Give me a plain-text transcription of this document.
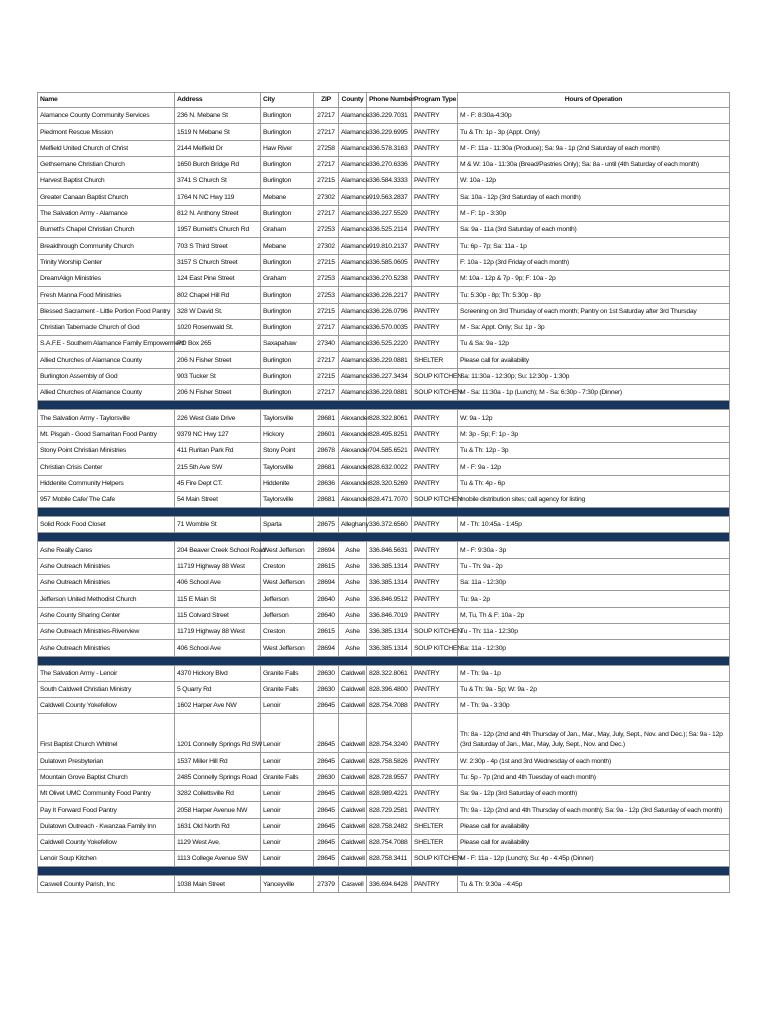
Name	Address	City	ZIP	County	Phone Number	Program Type	Hours of Operation
Alamance County Community Services	236 N. Mebane St	Burlington	27217	Alamance	336.229.7031	PANTRY	M - F: 8:30a-4:30p
Piedmont Rescue Mission	1519 N Mebane St	Burlington	27217	Alamance	336.229.6995	PANTRY	Tu & Th: 1p - 3p (Appt. Only)
Melfield United Church of Christ	2144 Melfield Dr	Haw River	27258	Alamance	336.578.3163	PANTRY	M - F: 11a - 11:30a (Produce); Sa: 9a - 1p (2nd Saturday of each month)
Gethsemane Christian Church	1650 Burch Bridge Rd	Burlington	27217	Alamance	336.270.6336	PANTRY	M & W: 10a - 11:30a (Bread/Pastries Only); Sa: 8a - until (4th Saturday of each month)
Harvest Baptist Church	3741 S Church St	Burlington	27215	Alamance	336.584.3333	PANTRY	W: 10a - 12p
Greater Canaan Baptist Church	1764 N NC Hwy 119	Mebane	27302	Alamance	919.563.2837	PANTRY	Sa: 10a - 12p (3rd Saturday of each month)
The Salvation Army - Alamance	812 N. Anthony Street	Burlington	27217	Alamance	336.227.5529	PANTRY	M - F: 1p - 3:30p
Burnett's Chapel Christian Church	1957 Burnett's Church Rd	Graham	27253	Alamance	336.525.2114	PANTRY	Sa: 9a - 11a (3rd Saturday of each month)
Breakthrough Community Church	703 S Third Street	Mebane	27302	Alamance	919.810.2137	PANTRY	Tu: 6p - 7p; Sa: 11a - 1p
Trinity Worship Center	3157 S Church Street	Burlington	27215	Alamance	336.585.0605	PANTRY	F: 10a - 12p (3rd Friday of each month)
DreamAlign Ministries	124 East Pine Street	Graham	27253	Alamance	336.270.5238	PANTRY	M: 10a - 12p & 7p - 9p; F: 10a - 2p
Fresh Manna Food Ministries	802 Chapel Hill Rd	Burlington	27253	Alamance	336.226.2217	PANTRY	Tu: 5:30p - 8p; Th: 5:30p - 8p
Blessed Sacrament - Little Portion Food Pantry	328 W David St.	Burlington	27215	Alamance	336.226.0796	PANTRY	Screening on 3rd Thursday of each month; Pantry on 1st Saturday after 3rd Thursday
Christian Tabernacle Church of God	1020 Rosenwald St.	Burlington	27217	Alamance	336.570.0035	PANTRY	M - Sa: Appt. Only; Su: 1p - 3p
S.A.F.E - Southern Alamance Family Empowerment	PO Box 265	Saxapahaw	27340	Alamance	336.525.2220	PANTRY	Tu & Sa: 9a - 12p
Allied Churches of Alamance County	206 N Fisher Street	Burlington	27217	Alamance	336.229.0881	SHELTER	Please call for availability
Burlington Assembly of God	903 Tucker St	Burlington	27215	Alamance	336.227.3434	SOUP KITCHEN	Sa: 11:30a - 12:30p; Su: 12:30p - 1:30p
Allied Churches of Alamance County	206 N Fisher Street	Burlington	27217	Alamance	336.229.0881	SOUP KITCHEN	M - Sa: 11:30a - 1p (Lunch); M - Sa: 6:30p - 7:30p (Dinner)

The Salvation Army - Taylorsville	226 West Gate Drive	Taylorsville	28681	Alexander	828.322.8061	PANTRY	W: 9a - 12p
Mt. Pisgah - Good Samaritan Food Pantry	9379 NC Hwy 127	Hickory	28601	Alexander	828.495.8251	PANTRY	M: 3p - 5p; F: 1p - 3p
Stony Point Christian Ministries	411 Ruritan Park Rd	Stony Point	28678	Alexander	704.585.6521	PANTRY	Tu & Th: 12p - 3p
Christian Crisis Center	215 5th Ave SW	Taylorsville	28681	Alexander	828.632.0022	PANTRY	M - F: 9a - 12p
Hiddenite Community Helpers	45 Fire Dept CT.	Hiddenite	28636	Alexander	828.320.5269	PANTRY	Tu & Th: 4p - 6p
957 Mobile Cafe/ The Cafe	54 Main Street	Taylorsville	28681	Alexander	828.471.7070	SOUP KITCHEN	mobile distribution sites; call agency for listing

Solid Rock Food Closet	71 Womble St	Sparta	28675	Alleghany	336.372.6560	PANTRY	M - Th: 10:45a - 1:45p

Ashe Really Cares	204 Beaver Creek School Road	West Jefferson	28694	Ashe	336.846.5631	PANTRY	M - F: 9:30a - 3p
Ashe Outreach Ministries	11719 Highway 88 West	Creston	28615	Ashe	336.385.1314	PANTRY	Tu - Th: 9a - 2p
Ashe Outreach Ministries	406 School Ave	West Jefferson	28694	Ashe	336.385.1314	PANTRY	Sa: 11a - 12:30p
Jefferson United Methodist Church	115 E Main St	Jefferson	28640	Ashe	336.846.9512	PANTRY	Tu: 9a - 2p
Ashe County Sharing Center	115 Colvard Street	Jefferson	28640	Ashe	336.846.7019	PANTRY	M, Tu, Th & F: 10a - 2p
Ashe Outreach Ministries-Riverview	11719 Highway 88 West	Creston	28615	Ashe	336.385.1314	SOUP KITCHEN	Tu - Th: 11a - 12:30p
Ashe Outreach Ministries	406 School Ave	West Jefferson	28694	Ashe	336.385.1314	SOUP KITCHEN	Sa: 11a - 12:30p

The Salvation Army - Lenoir	4370 Hickory Blvd	Granite Falls	28630	Caldwell	828.322.8061	PANTRY	M - Th: 9a - 1p
South Caldwell Christian Ministry	5 Quarry Rd	Granite Falls	28630	Caldwell	828.396.4800	PANTRY	Tu & Th: 9a - 5p; W: 9a - 2p
Caldwell County Yokefellow	1602 Harper Ave NW	Lenoir	28645	Caldwell	828.754.7088	PANTRY	M - Th: 9a - 3:30p
First Baptist Church Whitnel	1201 Connelly Springs Rd SW	Lenoir	28645	Caldwell	828.754.3240	PANTRY	Th: 8a - 12p (2nd and 4th Thursday of Jan., Mar., May, July, Sept., Nov. and Dec.); Sa: 9a - 12p (3rd Saturday of Jan., Mar., May, July, Sept., Nov. and Dec.)
Dulatown Presbyterian	1537 Miller Hill Rd	Lenoir	28645	Caldwell	828.758.5826	PANTRY	W: 2:30p - 4p (1st and 3rd Wednesday of each month)
Mountain Grove Baptist Church	2485 Connelly Springs Road	Granite Falls	28630	Caldwell	828.728.9557	PANTRY	Tu: 5p - 7p (2nd and 4th Tuesday of each month)
Mt Olivet UMC Community Food Pantry	3282 Collettsville Rd	Lenoir	28645	Caldwell	828.989.4221	PANTRY	Sa: 9a - 12p (3rd Saturday of each month)
Pay It Forward Food Pantry	2058 Harper Avenue NW	Lenoir	28645	Caldwell	828.729.2581	PANTRY	Th: 9a - 12p (2nd and 4th Thursday of each month); Sa: 9a - 12p (3rd Saturday of each month)
Dulatown Outreach - Kwanzaa Family Inn	1631 Old North Rd	Lenoir	28645	Caldwell	828.758.2482	SHELTER	Please call for availability
Caldwell County Yokefellow	1129 West Ave.	Lenoir	28645	Caldwell	828.754.7088	SHELTER	Please call for availability
Lenoir Soup Kitchen	1113 College Avenue SW	Lenoir	28645	Caldwell	828.758.3411	SOUP KITCHEN	M - F: 11a - 12p (Lunch); Su: 4p - 4:45p (Dinner)

Caswell County Parish, Inc	1038 Main Street	Yanceyville	27379	Caswell	336.694.6428	PANTRY	Tu & Th: 9:30a - 4:45p
